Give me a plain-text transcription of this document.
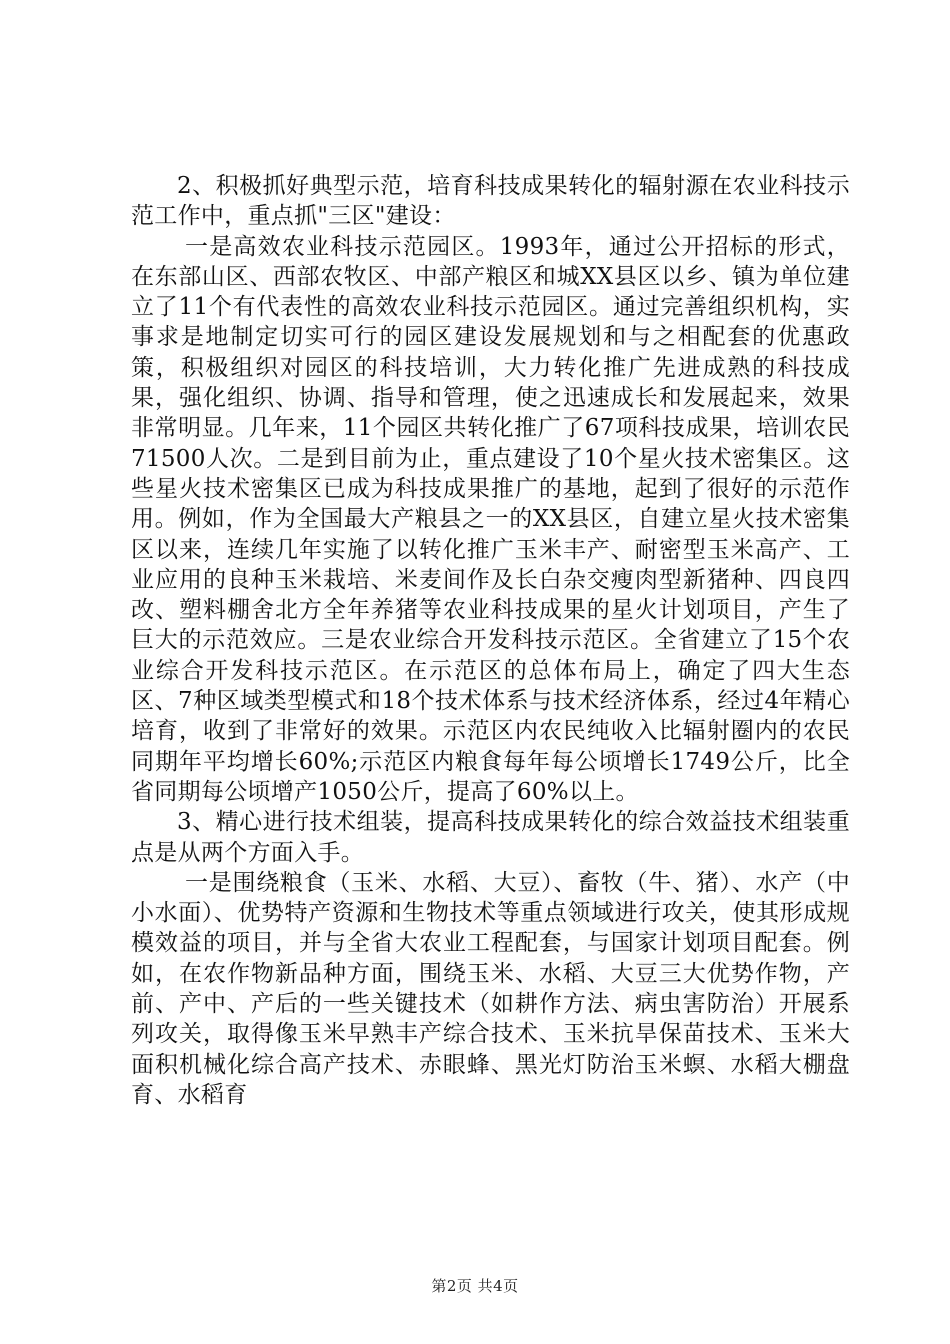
2、积极抓好典型示范，培育科技成果转化的辐射源在农业科技示范工作中，重点抓"三区"建设：

一是高效农业科技示范园区。1993年，通过公开招标的形式，在东部山区、西部农牧区、中部产粮区和城XX县区以乡、镇为单位建立了11个有代表性的高效农业科技示范园区。通过完善组织机构，实事求是地制定切实可行的园区建设发展规划和与之相配套的优惠政策，积极组织对园区的科技培训，大力转化推广先进成熟的科技成果，强化组织、协调、指导和管理，使之迅速成长和发展起来，效果非常明显。几年来，11个园区共转化推广了67项科技成果，培训农民71500人次。二是到目前为止，重点建设了10个星火技术密集区。这些星火技术密集区已成为科技成果推广的基地，起到了很好的示范作用。例如，作为全国最大产粮县之一的XX县区，自建立星火技术密集区以来，连续几年实施了以转化推广玉米丰产、耐密型玉米高产、工业应用的良种玉米栽培、米麦间作及长白杂交瘦肉型新猪种、四良四改、塑料棚舍北方全年养猪等农业科技成果的星火计划项目，产生了巨大的示范效应。三是农业综合开发科技示范区。全省建立了15个农业综合开发科技示范区。在示范区的总体布局上，确定了四大生态区、7种区域类型模式和18个技术体系与技术经济体系，经过4年精心培育，收到了非常好的效果。示范区内农民纯收入比辐射圈内的农民同期年平均增长60%;示范区内粮食每年每公顷增长1749公斤，比全省同期每公顷增产1050公斤，提高了60%以上。

3、精心进行技术组装，提高科技成果转化的综合效益技术组装重点是从两个方面入手。

一是围绕粮食（玉米、水稻、大豆）、畜牧（牛、猪）、水产（中小水面）、优势特产资源和生物技术等重点领域进行攻关，使其形成规模效益的项目，并与全省大农业工程配套，与国家计划项目配套。例如，在农作物新品种方面，围绕玉米、水稻、大豆三大优势作物，产前、产中、产后的一些关键技术（如耕作方法、病虫害防治）开展系列攻关，取得像玉米早熟丰产综合技术、玉米抗旱保苗技术、玉米大面积机械化综合高产技术、赤眼蜂、黑光灯防治玉米螟、水稻大棚盘育、水稻育

第2页 共4页
